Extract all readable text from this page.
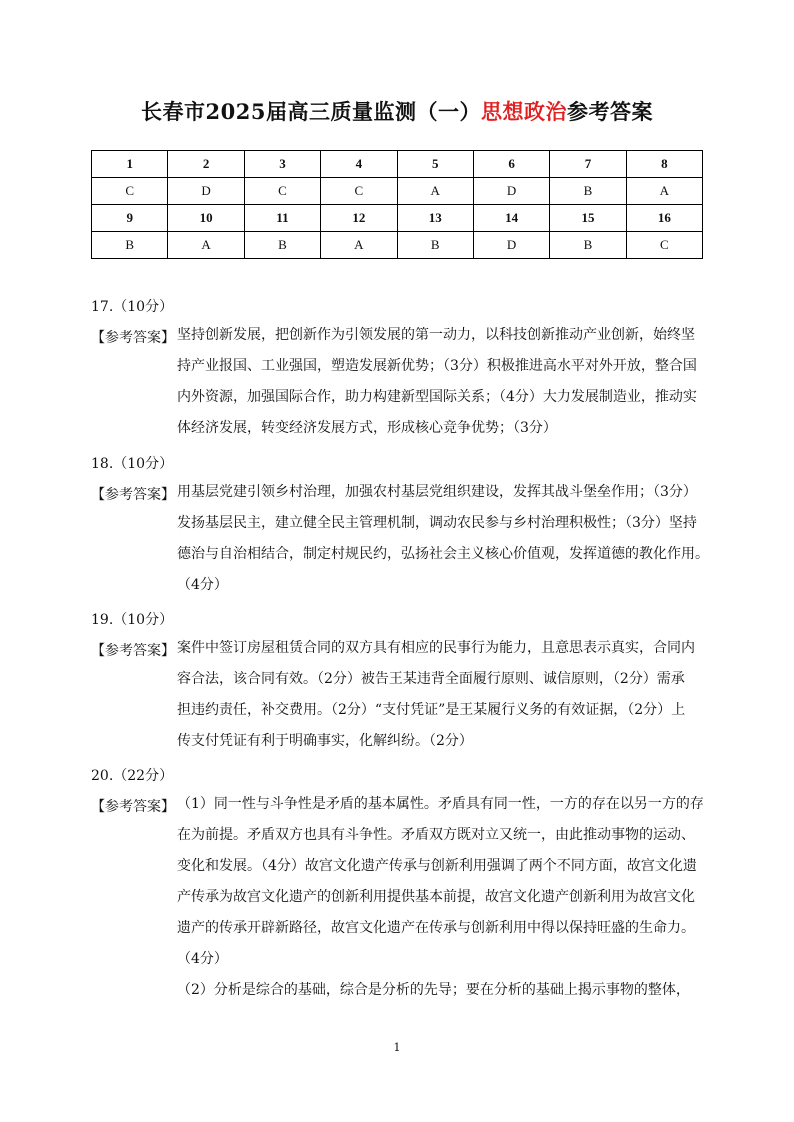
长春市2025届高三质量监测（一）思想政治参考答案
1	2	3	4	5	6	7	8
C	D	C	C	A	D	B	A
9	10	11	12	13	14	15	16
B	A	B	A	B	D	B	C
17.（10分）
【参考答案】 坚持创新发展，把创新作为引领发展的第一动力，以科技创新推动产业创新，始终坚
持产业报国、工业强国，塑造发展新优势；（3分）积极推进高水平对外开放，整合国
内外资源，加强国际合作，助力构建新型国际关系；（4分）大力发展制造业，推动实
体经济发展，转变经济发展方式，形成核心竞争优势；（3分）
18.（10分）
【参考答案】 用基层党建引领乡村治理，加强农村基层党组织建设，发挥其战斗堡垒作用；（3分）
发扬基层民主，建立健全民主管理机制，调动农民参与乡村治理积极性；（3分）坚持
德治与自治相结合，制定村规民约，弘扬社会主义核心价值观，发挥道德的教化作用。
（4分）
19.（10分）
【参考答案】 案件中签订房屋租赁合同的双方具有相应的民事行为能力，且意思表示真实，合同内
容合法，该合同有效。（2分）被告王某违背全面履行原则、诚信原则，（2分）需承
担违约责任，补交费用。（2分）“支付凭证”是王某履行义务的有效证据，（2分）上
传支付凭证有利于明确事实，化解纠纷。（2分）
20.（22分）
【参考答案】 （1）同一性与斗争性是矛盾的基本属性。矛盾具有同一性，一方的存在以另一方的存
在为前提。矛盾双方也具有斗争性。矛盾双方既对立又统一，由此推动事物的运动、
变化和发展。（4分）故宫文化遗产传承与创新利用强调了两个不同方面，故宫文化遗
产传承为故宫文化遗产的创新利用提供基本前提，故宫文化遗产创新利用为故宫文化
遗产的传承开辟新路径，故宫文化遗产在传承与创新利用中得以保持旺盛的生命力。
（4分）
（2）分析是综合的基础，综合是分析的先导；要在分析的基础上揭示事物的整体，
1
